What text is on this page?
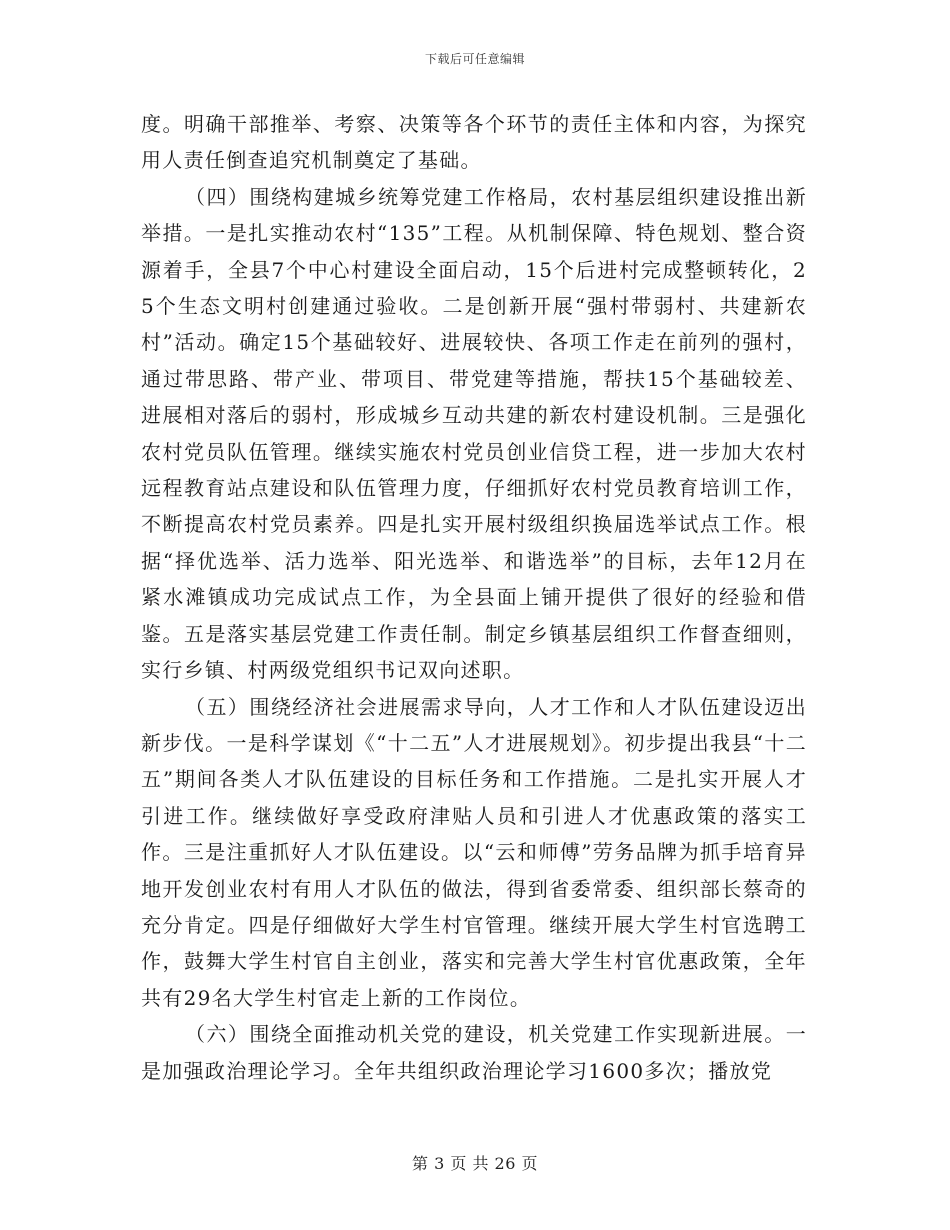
下载后可任意编辑

度。明确干部推举、考察、决策等各个环节的责任主体和内容，为探究用人责任倒查追究机制奠定了基础。

（四）围绕构建城乡统筹党建工作格局，农村基层组织建设推出新举措。一是扎实推动农村“135”工程。从机制保障、特色规划、整合资源着手，全县7个中心村建设全面启动，15个后进村完成整顿转化，25个生态文明村创建通过验收。二是创新开展“强村带弱村、共建新农村”活动。确定15个基础较好、进展较快、各项工作走在前列的强村，通过带思路、带产业、带项目、带党建等措施，帮扶15个基础较差、进展相对落后的弱村，形成城乡互动共建的新农村建设机制。三是强化农村党员队伍管理。继续实施农村党员创业信贷工程，进一步加大农村远程教育站点建设和队伍管理力度，仔细抓好农村党员教育培训工作，不断提高农村党员素养。四是扎实开展村级组织换届选举试点工作。根据“择优选举、活力选举、阳光选举、和谐选举”的目标，去年12月在紧水滩镇成功完成试点工作，为全县面上铺开提供了很好的经验和借鉴。五是落实基层党建工作责任制。制定乡镇基层组织工作督查细则，实行乡镇、村两级党组织书记双向述职。

（五）围绕经济社会进展需求导向，人才工作和人才队伍建设迈出新步伐。一是科学谋划《“十二五”人才进展规划》。初步提出我县“十二五”期间各类人才队伍建设的目标任务和工作措施。二是扎实开展人才引进工作。继续做好享受政府津贴人员和引进人才优惠政策的落实工作。三是注重抓好人才队伍建设。以“云和师傅”劳务品牌为抓手培育异地开发创业农村有用人才队伍的做法，得到省委常委、组织部长蔡奇的充分肯定。四是仔细做好大学生村官管理。继续开展大学生村官选聘工作，鼓舞大学生村官自主创业，落实和完善大学生村官优惠政策，全年共有29名大学生村官走上新的工作岗位。

（六）围绕全面推动机关党的建设，机关党建工作实现新进展。一是加强政治理论学习。全年共组织政治理论学习1600多次；播放党

第 3 页 共 26 页
